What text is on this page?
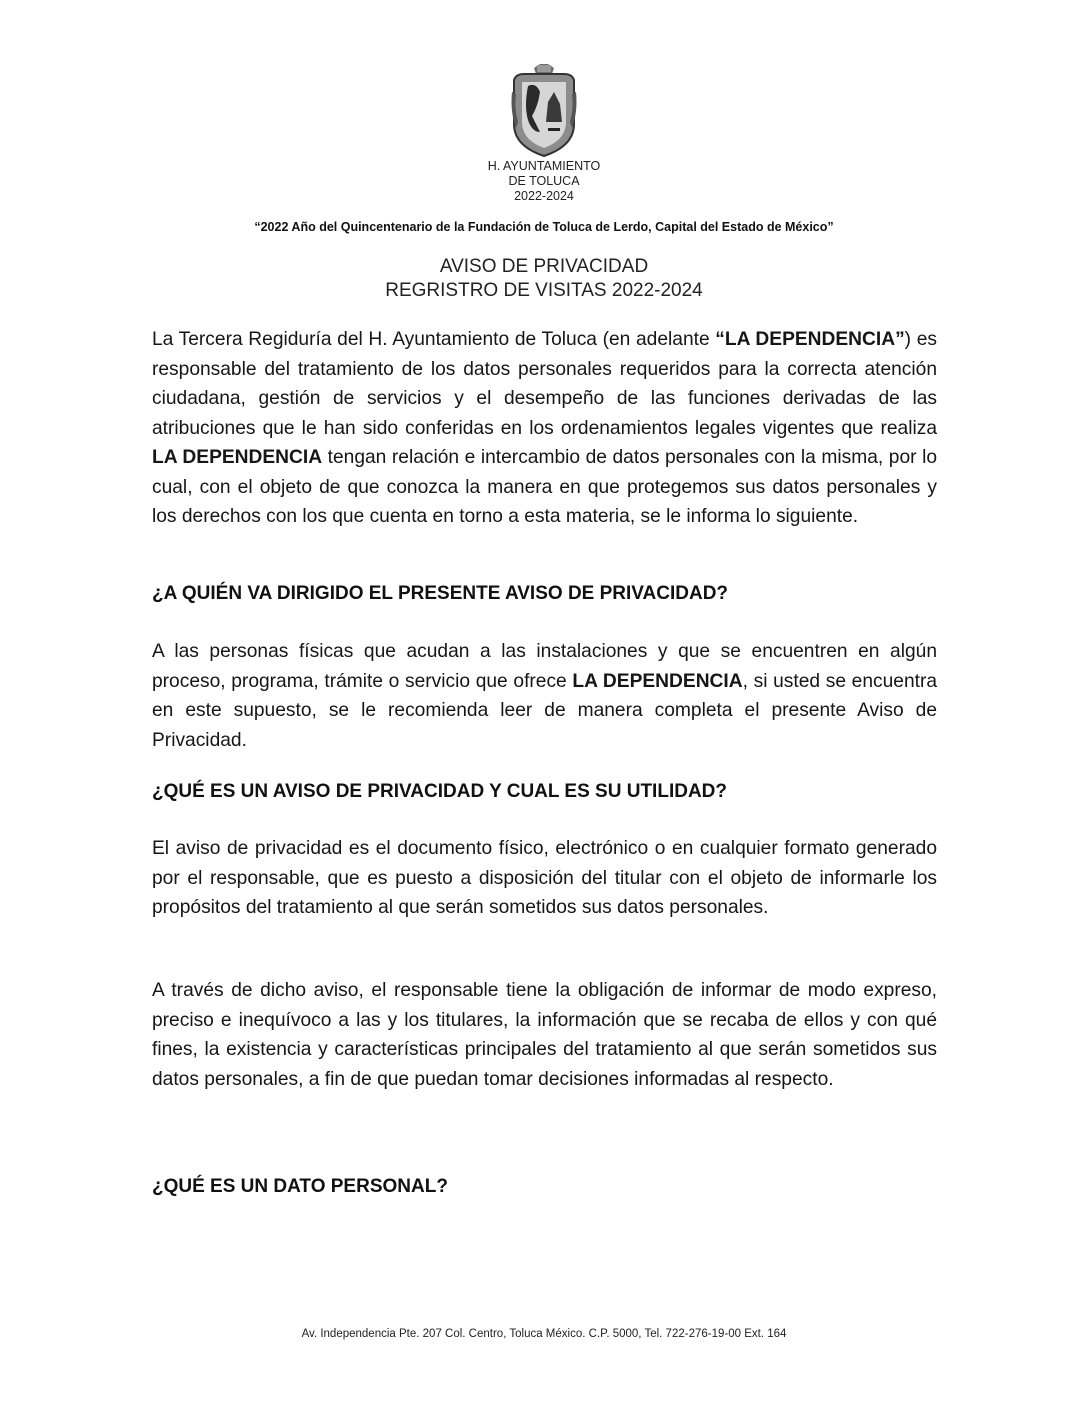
H. AYUNTAMIENTO
DE TOLUCA
2022-2024
“2022 Año del Quincentenario de la Fundación de Toluca de Lerdo, Capital del Estado de México”
AVISO DE PRIVACIDAD
REGRISTRO DE VISITAS 2022-2024
La Tercera Regiduría del H. Ayuntamiento de Toluca (en adelante “LA DEPENDENCIA”) es responsable del tratamiento de los datos personales requeridos para la correcta atención ciudadana, gestión de servicios y el desempeño de las funciones derivadas de las atribuciones que le han sido conferidas en los ordenamientos legales vigentes que realiza LA DEPENDENCIA tengan relación e intercambio de datos personales con la misma, por lo cual, con el objeto de que conozca la manera en que protegemos sus datos personales y los derechos con los que cuenta en torno a esta materia, se le informa lo siguiente.
¿A QUIÉN VA DIRIGIDO EL PRESENTE AVISO DE PRIVACIDAD?
A las personas físicas que acudan a las instalaciones y que se encuentren en algún proceso, programa, trámite o servicio que ofrece LA DEPENDENCIA, si usted se encuentra en este supuesto, se le recomienda leer de manera completa el presente Aviso de Privacidad.
¿QUÉ ES UN AVISO DE PRIVACIDAD Y CUAL ES SU UTILIDAD?
El aviso de privacidad es el documento físico, electrónico o en cualquier formato generado por el responsable, que es puesto a disposición del titular con el objeto de informarle los propósitos del tratamiento al que serán sometidos sus datos personales.
A través de dicho aviso, el responsable tiene la obligación de informar de modo expreso, preciso e inequívoco a las y los titulares, la información que se recaba de ellos y con qué fines, la existencia y características principales del tratamiento al que serán sometidos sus datos personales, a fin de que puedan tomar decisiones informadas al respecto.
¿QUÉ ES UN DATO PERSONAL?
Av. Independencia Pte. 207 Col. Centro, Toluca México. C.P. 5000, Tel. 722-276-19-00 Ext. 164
